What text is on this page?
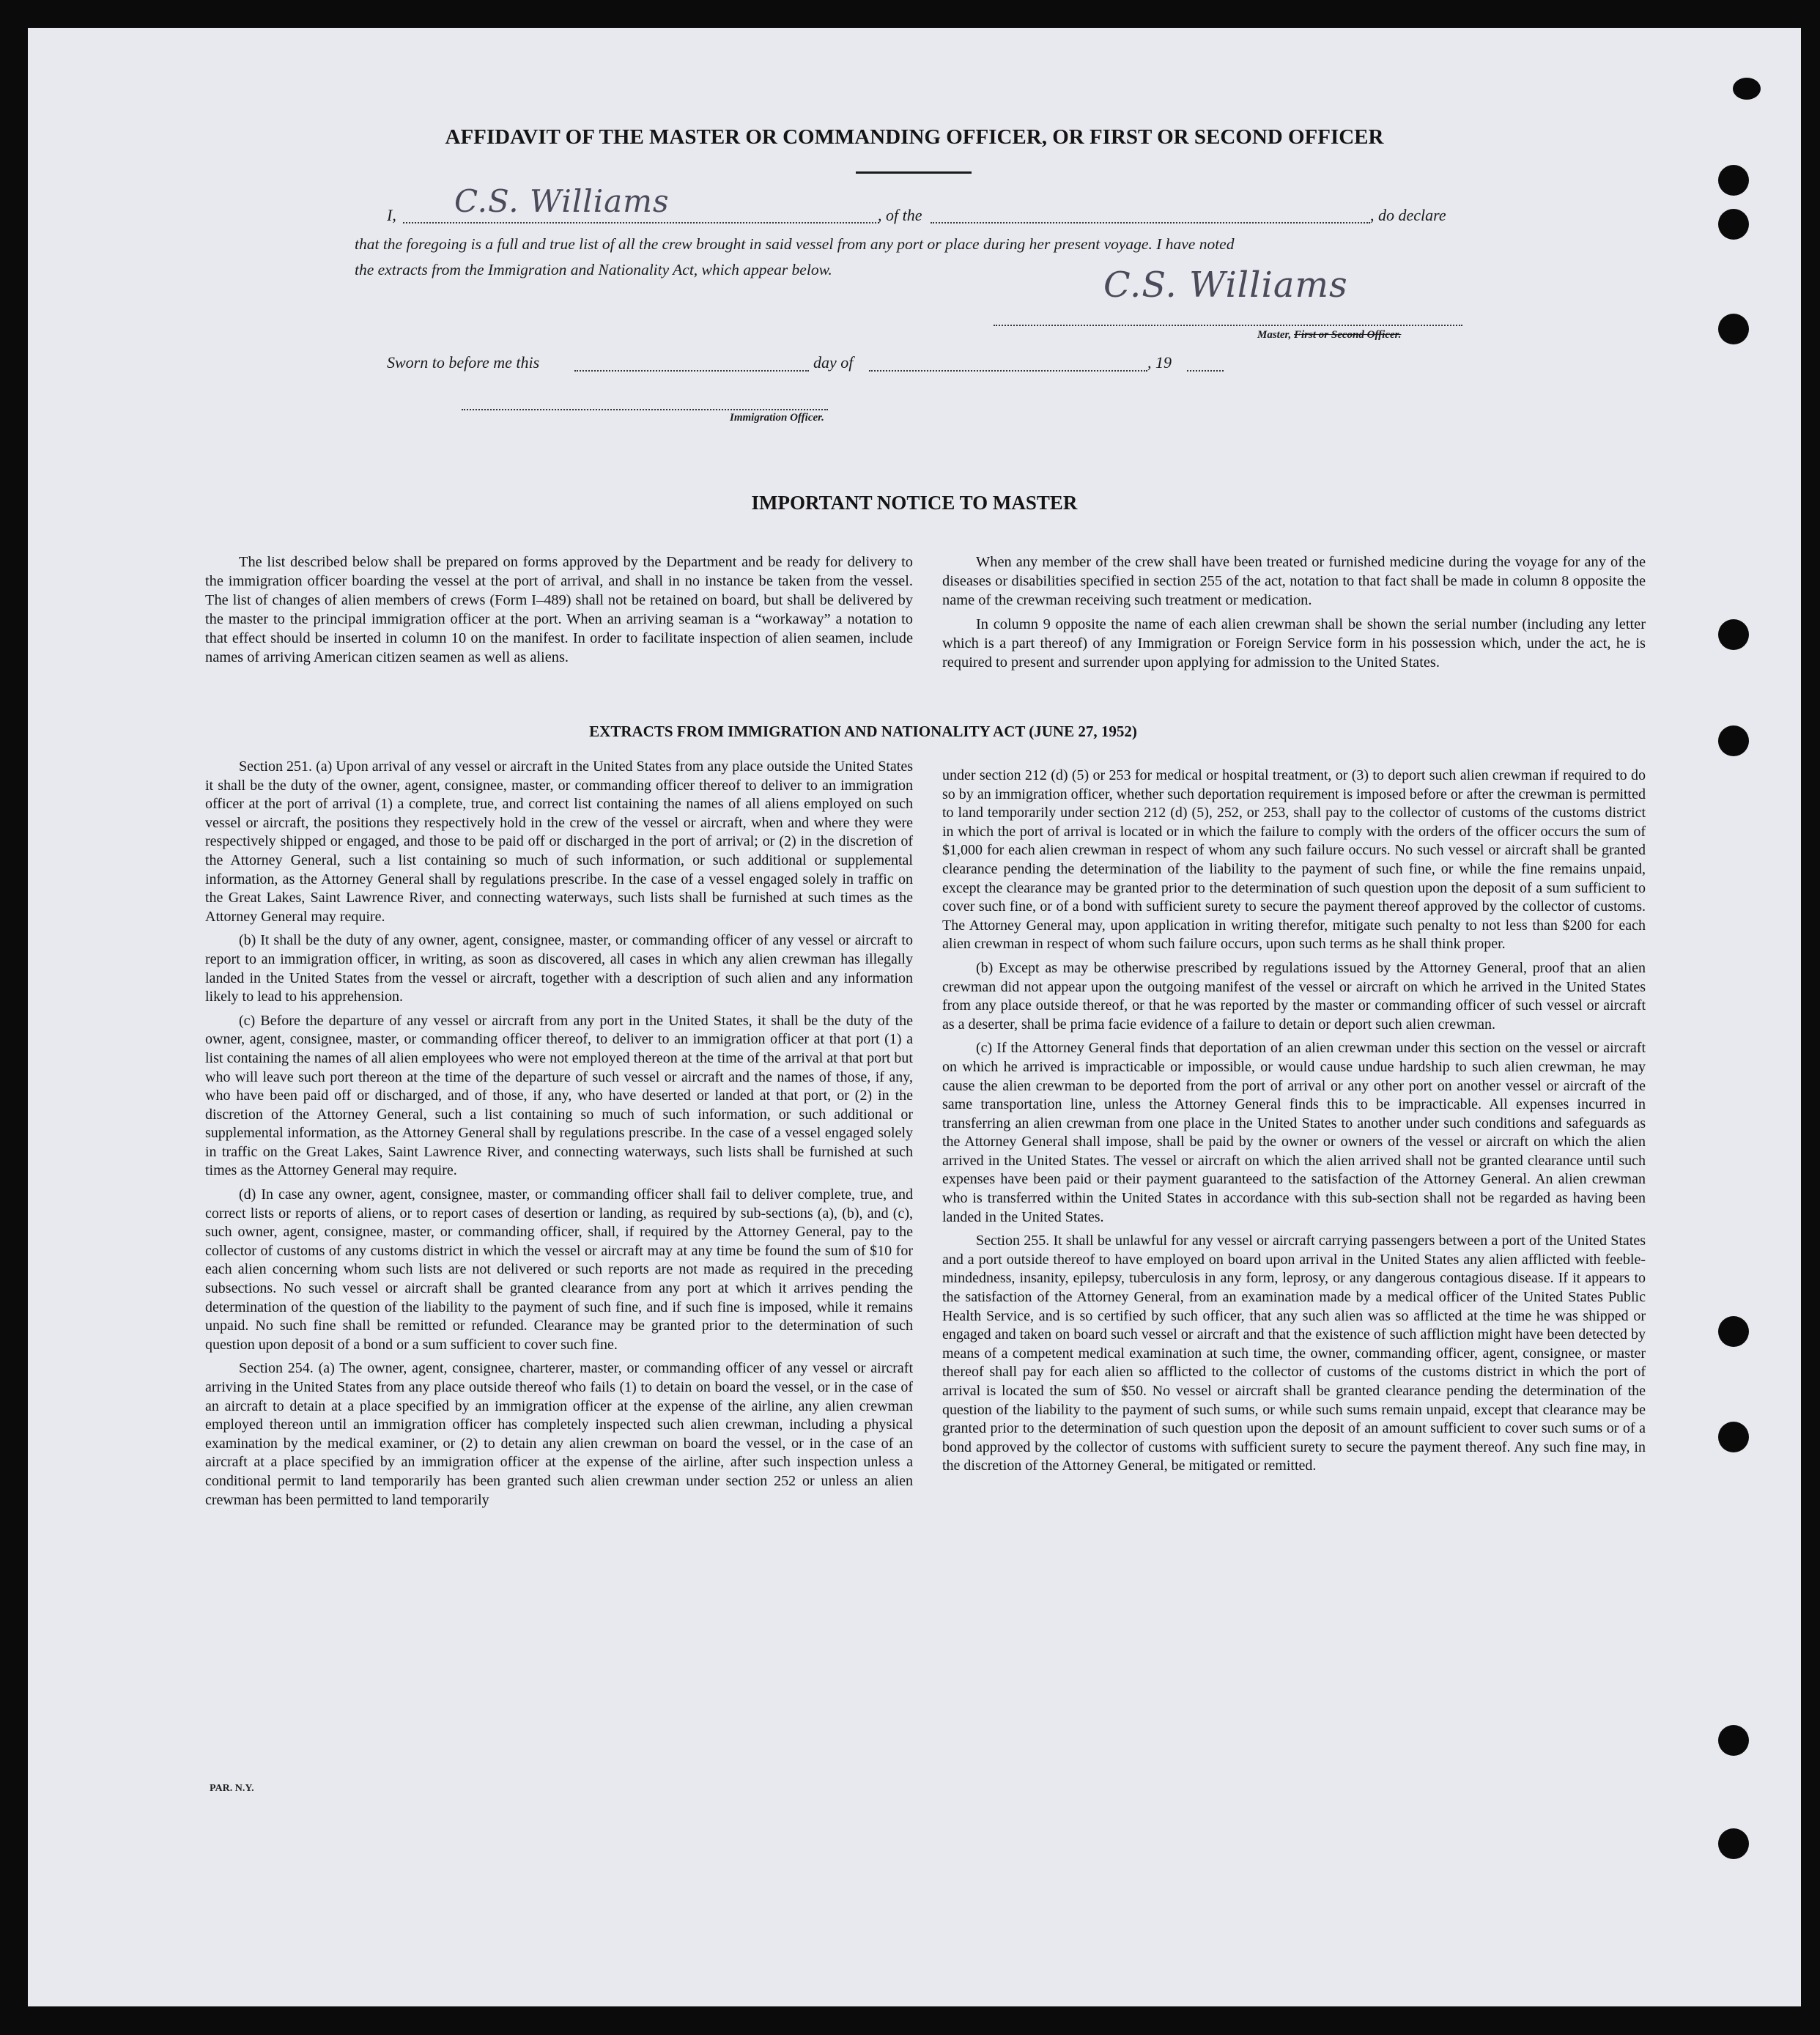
AFFIDAVIT OF THE MASTER OR COMMANDING OFFICER, OR FIRST OR SECOND OFFICER
I, C.S. Williams	, of the	, do declare
that the foregoing is a full and true list of all the crew brought in said vessel from any port or place during her present voyage. I have noted
the extracts from the Immigration and Nationality Act, which appear below.	C.S. Williams
Master, First or Second Officer.
Sworn to before me this	day of	, 19
Immigration Officer.
IMPORTANT NOTICE TO MASTER

The list described below shall be prepared on forms approved by the Department and be ready for delivery to the immigration officer boarding the vessel at the port of arrival, and shall in no instance be taken from the vessel. The list of changes of alien members of crews (Form I–489) shall not be retained on board, but shall be delivered by the master to the principal immigration officer at the port. When an arriving seaman is a “workaway” a notation to that effect should be inserted in column 10 on the manifest. In order to facilitate inspection of alien seamen, include names of arriving American citizen seamen as well as aliens.

When any member of the crew shall have been treated or furnished medicine during the voyage for any of the diseases or disabilities specified in section 255 of the act, notation to that fact shall be made in column 8 opposite the name of the crewman receiving such treatment or medication.

In column 9 opposite the name of each alien crewman shall be shown the serial number (including any letter which is a part thereof) of any Immigration or Foreign Service form in his possession which, under the act, he is required to present and surrender upon applying for admission to the United States.

EXTRACTS FROM IMMIGRATION AND NATIONALITY ACT (JUNE 27, 1952)

Section 251. (a) Upon arrival of any vessel or aircraft in the United States from any place outside the United States it shall be the duty of the owner, agent, consignee, master, or commanding officer thereof to deliver to an immigration officer at the port of arrival (1) a complete, true, and correct list containing the names of all aliens employed on such vessel or aircraft, the positions they respectively hold in the crew of the vessel or aircraft, when and where they were respectively shipped or engaged, and those to be paid off or discharged in the port of arrival; or (2) in the discretion of the Attorney General, such a list containing so much of such information, or such additional or supplemental information, as the Attorney General shall by regulations prescribe. In the case of a vessel engaged solely in traffic on the Great Lakes, Saint Lawrence River, and connecting waterways, such lists shall be furnished at such times as the Attorney General may require.

(b) It shall be the duty of any owner, agent, consignee, master, or commanding officer of any vessel or aircraft to report to an immigration officer, in writing, as soon as discovered, all cases in which any alien crewman has illegally landed in the United States from the vessel or aircraft, together with a description of such alien and any information likely to lead to his apprehension.

(c) Before the departure of any vessel or aircraft from any port in the United States, it shall be the duty of the owner, agent, consignee, master, or commanding officer thereof, to deliver to an immigration officer at that port (1) a list containing the names of all alien employees who were not employed thereon at the time of the arrival at that port but who will leave such port thereon at the time of the departure of such vessel or aircraft and the names of those, if any, who have been paid off or discharged, and of those, if any, who have deserted or landed at that port, or (2) in the discretion of the Attorney General, such a list containing so much of such information, or such additional or supplemental information, as the Attorney General shall by regulations prescribe. In the case of a vessel engaged solely in traffic on the Great Lakes, Saint Lawrence River, and connecting waterways, such lists shall be furnished at such times as the Attorney General may require.

(d) In case any owner, agent, consignee, master, or commanding officer shall fail to deliver complete, true, and correct lists or reports of aliens, or to report cases of desertion or landing, as required by sub-sections (a), (b), and (c), such owner, agent, consignee, master, or commanding officer, shall, if required by the Attorney General, pay to the collector of customs of any customs district in which the vessel or aircraft may at any time be found the sum of $10 for each alien concerning whom such lists are not delivered or such reports are not made as required in the preceding subsections. No such vessel or aircraft shall be granted clearance from any port at which it arrives pending the determination of the question of the liability to the payment of such fine, and if such fine is imposed, while it remains unpaid. No such fine shall be remitted or refunded. Clearance may be granted prior to the determination of such question upon deposit of a bond or a sum sufficient to cover such fine.

Section 254. (a) The owner, agent, consignee, charterer, master, or commanding officer of any vessel or aircraft arriving in the United States from any place outside thereof who fails (1) to detain on board the vessel, or in the case of an aircraft to detain at a place specified by an immigration officer at the expense of the airline, any alien crewman employed thereon until an immigration officer has completely inspected such alien crewman, including a physical examination by the medical examiner, or (2) to detain any alien crewman on board the vessel, or in the case of an aircraft at a place specified by an immigration officer at the expense of the airline, after such inspection unless a conditional permit to land temporarily has been granted such alien crewman under section 252 or unless an alien crewman has been permitted to land temporarily

under section 212 (d) (5) or 253 for medical or hospital treatment, or (3) to deport such alien crewman if required to do so by an immigration officer, whether such deportation requirement is imposed before or after the crewman is permitted to land temporarily under section 212 (d) (5), 252, or 253, shall pay to the collector of customs of the customs district in which the port of arrival is located or in which the failure to comply with the orders of the officer occurs the sum of $1,000 for each alien crewman in respect of whom any such failure occurs. No such vessel or aircraft shall be granted clearance pending the determination of the liability to the payment of such fine, or while the fine remains unpaid, except the clearance may be granted prior to the determination of such question upon the deposit of a sum sufficient to cover such fine, or of a bond with sufficient surety to secure the payment thereof approved by the collector of customs. The Attorney General may, upon application in writing therefor, mitigate such penalty to not less than $200 for each alien crewman in respect of whom such failure occurs, upon such terms as he shall think proper.

(b) Except as may be otherwise prescribed by regulations issued by the Attorney General, proof that an alien crewman did not appear upon the outgoing manifest of the vessel or aircraft on which he arrived in the United States from any place outside thereof, or that he was reported by the master or commanding officer of such vessel or aircraft as a deserter, shall be prima facie evidence of a failure to detain or deport such alien crewman.

(c) If the Attorney General finds that deportation of an alien crewman under this section on the vessel or aircraft on which he arrived is impracticable or impossible, or would cause undue hardship to such alien crewman, he may cause the alien crewman to be deported from the port of arrival or any other port on another vessel or aircraft of the same transportation line, unless the Attorney General finds this to be impracticable. All expenses incurred in transferring an alien crewman from one place in the United States to another under such conditions and safeguards as the Attorney General shall impose, shall be paid by the owner or owners of the vessel or aircraft on which the alien arrived in the United States. The vessel or aircraft on which the alien arrived shall not be granted clearance until such expenses have been paid or their payment guaranteed to the satisfaction of the Attorney General. An alien crewman who is transferred within the United States in accordance with this sub-section shall not be regarded as having been landed in the United States.

Section 255. It shall be unlawful for any vessel or aircraft carrying passengers between a port of the United States and a port outside thereof to have employed on board upon arrival in the United States any alien afflicted with feeble-mindedness, insanity, epilepsy, tuberculosis in any form, leprosy, or any dangerous contagious disease. If it appears to the satisfaction of the Attorney General, from an examination made by a medical officer of the United States Public Health Service, and is so certified by such officer, that any such alien was so afflicted at the time he was shipped or engaged and taken on board such vessel or aircraft and that the existence of such affliction might have been detected by means of a competent medical examination at such time, the owner, commanding officer, agent, consignee, or master thereof shall pay for each alien so afflicted to the collector of customs of the customs district in which the port of arrival is located the sum of $50. No vessel or aircraft shall be granted clearance pending the determination of the question of the liability to the payment of such sums, or while such sums remain unpaid, except that clearance may be granted prior to the determination of such question upon the deposit of an amount sufficient to cover such sums or of a bond approved by the collector of customs with sufficient surety to secure the payment thereof. Any such fine may, in the discretion of the Attorney General, be mitigated or remitted.

PAR. N.Y.
